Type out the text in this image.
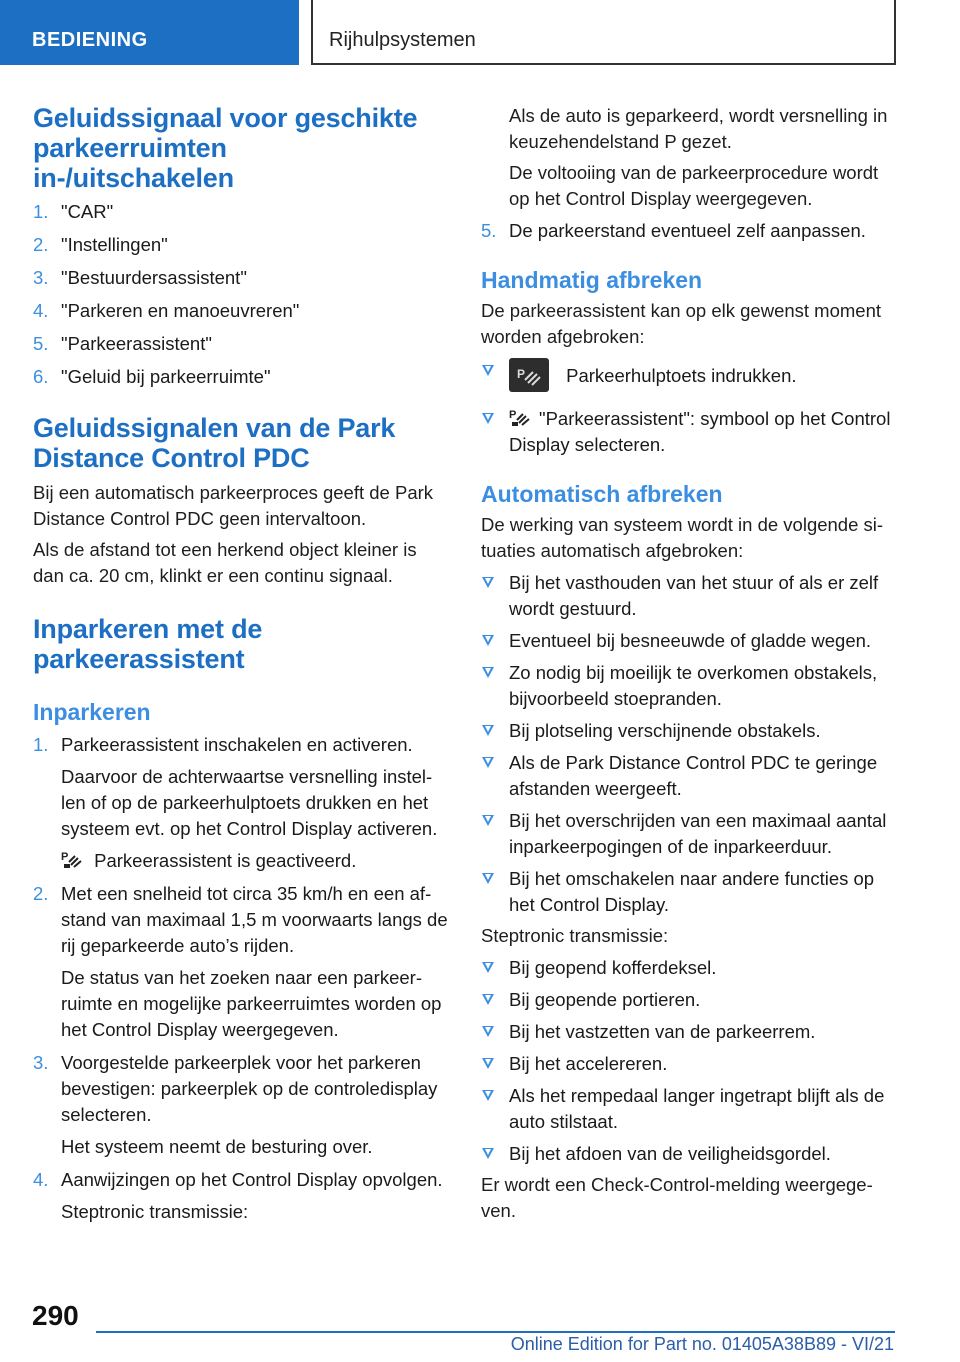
BEDIENING	Rijhulpsystemen
Geluidssignaal voor geschikte parkeerruimten in-/uitschakelen
1. "CAR"
2. "Instellingen"
3. "Bestuurdersassistent"
4. "Parkeren en manoeuvreren"
5. "Parkeerassistent"
6. "Geluid bij parkeerruimte"
Geluidssignalen van de Park Distance Control PDC
Bij een automatisch parkeerproces geeft de Park Distance Control PDC geen intervaltoon.
Als de afstand tot een herkend object kleiner is dan ca. 20 cm, klinkt er een continu signaal.
Inparkeren met de parkeerassistent
Inparkeren
1. Parkeerassistent inschakelen en activeren.
Daarvoor de achterwaartse versnelling instellen of op de parkeerhulptoets drukken en het systeem evt. op het Control Display activeren.
P Parkeerassistent is geactiveerd.
2. Met een snelheid tot circa 35 km/h en een afstand van maximaal 1,5 m voorwaarts langs de rij geparkeerde auto’s rijden.
De status van het zoeken naar een parkeerruimte en mogelijke parkeerruimtes worden op het Control Display weergegeven.
3. Voorgestelde parkeerplek voor het parkeren bevestigen: parkeerplek op de controledisplay selecteren.
Het systeem neemt de besturing over.
4. Aanwijzingen op het Control Display opvolgen.
Steptronic transmissie:
Als de auto is geparkeerd, wordt versnelling in keuzehendelstand P gezet.
De voltooiing van de parkeerprocedure wordt op het Control Display weergegeven.
5. De parkeerstand eventueel zelf aanpassen.
Handmatig afbreken
De parkeerassistent kan op elk gewenst moment worden afgebroken:
P Parkeerhulptoets indrukken.
P "Parkeerassistent": symbool op het Control Display selecteren.
Automatisch afbreken
De werking van systeem wordt in de volgende situaties automatisch afgebroken:
Bij het vasthouden van het stuur of als er zelf wordt gestuurd.
Eventueel bij besneeuwde of gladde wegen.
Zo nodig bij moeilijk te overkomen obstakels, bijvoorbeeld stoepranden.
Bij plotseling verschijnende obstakels.
Als de Park Distance Control PDC te geringe afstanden weergeeft.
Bij het overschrijden van een maximaal aantal inparkeerpogingen of de inparkeerduur.
Bij het omschakelen naar andere functies op het Control Display.
Steptronic transmissie:
Bij geopend kofferdeksel.
Bij geopende portieren.
Bij het vastzetten van de parkeerrem.
Bij het accelereren.
Als het rempedaal langer ingetrapt blijft als de auto stilstaat.
Bij het afdoen van de veiligheidsgordel.
Er wordt een Check-Control-melding weergegeven.
290
Online Edition for Part no. 01405A38B89 - VI/21
